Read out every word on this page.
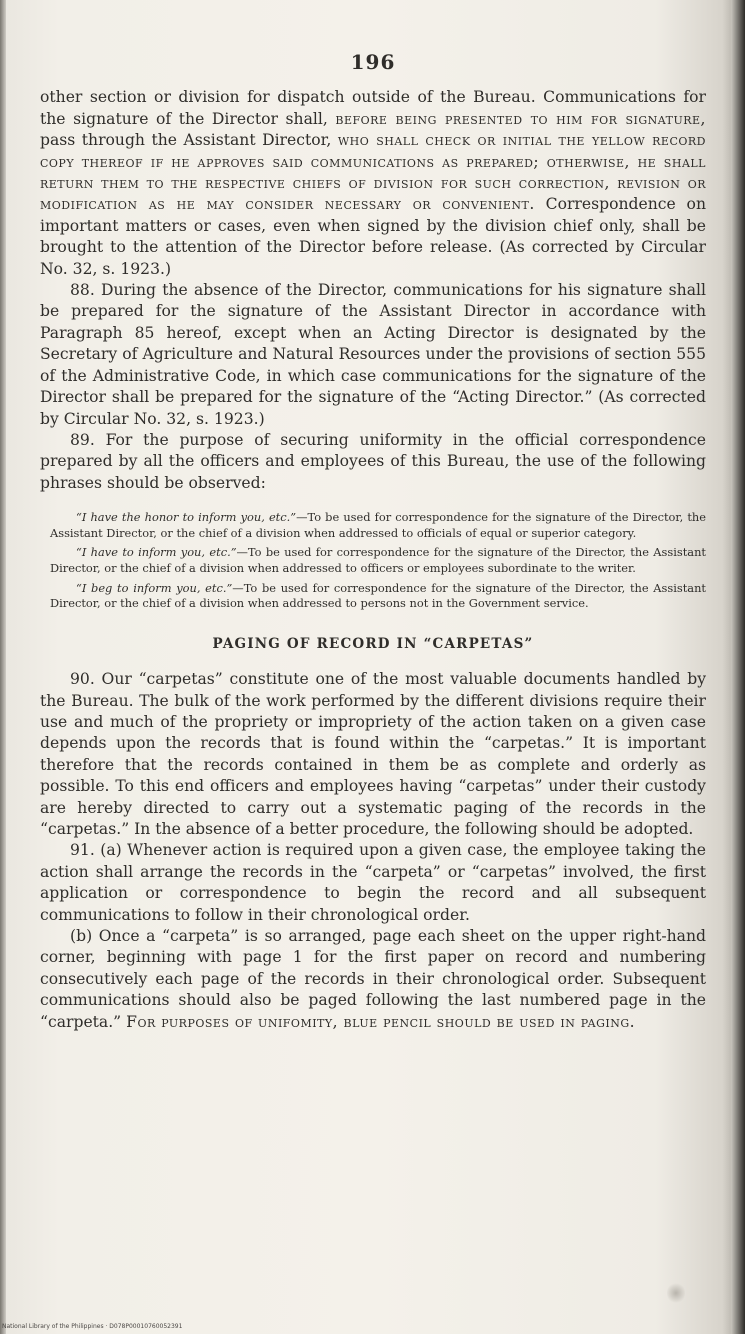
196

other section or division for dispatch outside of the Bureau. Communications for the signature of the Director shall, before being presented to him for signature, pass through the Assistant Director, who shall check or initial the yellow record copy thereof if he approves said communications as prepared; otherwise, he shall return them to the respective chiefs of division for such correction, revision or modification as he may consider necessary or convenient. Correspondence on important matters or cases, even when signed by the division chief only, shall be brought to the attention of the Director before release. (As corrected by Circular No. 32, s. 1923.)

88. During the absence of the Director, communications for his signature shall be prepared for the signature of the Assistant Director in accordance with Paragraph 85 hereof, except when an Acting Director is designated by the Secretary of Agriculture and Natural Resources under the provisions of section 555 of the Administrative Code, in which case communications for the signature of the Director shall be prepared for the signature of the “Acting Director.” (As corrected by Circular No. 32, s. 1923.)

89. For the purpose of securing uniformity in the official correspondence prepared by all the officers and employees of this Bureau, the use of the following phrases should be observed:

“I have the honor to inform you, etc.”—To be used for correspondence for the signature of the Director, the Assistant Director, or the chief of a division when addressed to officials of equal or superior category.

“I have to inform you, etc.”—To be used for correspondence for the signature of the Director, the Assistant Director, or the chief of a division when addressed to officers or employees subordinate to the writer.

“I beg to inform you, etc.”—To be used for correspondence for the signature of the Director, the Assistant Director, or the chief of a division when addressed to persons not in the Government service.

PAGING OF RECORD IN “CARPETAS”

90. Our “carpetas” constitute one of the most valuable documents handled by the Bureau. The bulk of the work performed by the different divisions require their use and much of the propriety or impropriety of the action taken on a given case depends upon the records that is found within the “carpetas.” It is important therefore that the records contained in them be as complete and orderly as possible. To this end officers and employees having “carpetas” under their custody are hereby directed to carry out a systematic paging of the records in the “carpetas.” In the absence of a better procedure, the following should be adopted.

91. (a) Whenever action is required upon a given case, the employee taking the action shall arrange the records in the “carpeta” or “carpetas” involved, the first application or correspondence to begin the record and all subsequent communications to follow in their chronological order.

(b) Once a “carpeta” is so arranged, page each sheet on the upper right-hand corner, beginning with page 1 for the first paper on record and numbering consecutively each page of the records in their chronological order. Subsequent communications should also be paged following the last numbered page in the “carpeta.” For purposes of unifomity, blue pencil should be used in paging.

National Library of the Philippines · D078P00010760052391
